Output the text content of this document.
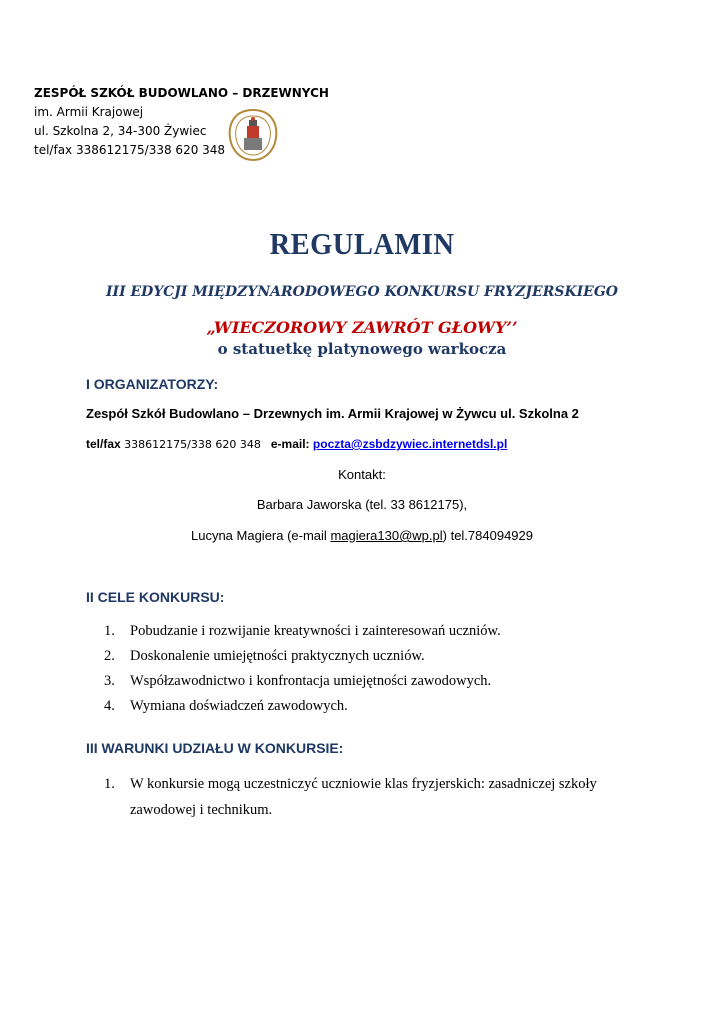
ZESPÓŁ SZKÓŁ BUDOWLANO – DRZEWNYCH
im. Armii Krajowej
ul. Szkolna 2, 34-300 Żywiec
tel/fax 338612175/338 620 348
REGULAMIN
III EDYCJI MIĘDZYNARODOWEGO KONKURSU FRYZJERSKIEGO
„WIECZOROWY ZAWRÓT GŁOWY’’
o statuetkę platynowego warkocza
I ORGANIZATORZY:
Zespół Szkół Budowlano – Drzewnych im. Armii Krajowej w Żywcu ul. Szkolna 2
tel/fax 338612175/338 620 348 e-mail: poczta@zsbdzywiec.internetdsl.pl
Kontakt:
Barbara Jaworska (tel. 33 8612175),
Lucyna Magiera (e-mail magiera130@wp.pl) tel.784094929
II CELE KONKURSU:
1. Pobudzanie i rozwijanie kreatywności i zainteresowań uczniów.
2. Doskonalenie umiejętności praktycznych uczniów.
3. Współzawodnictwo i konfrontacja umiejętności zawodowych.
4. Wymiana doświadczeń zawodowych.
III WARUNKI UDZIAŁU W KONKURSIE:
1. W konkursie mogą uczestniczyć uczniowie klas fryzjerskich: zasadniczej szkoły zawodowej i technikum.
